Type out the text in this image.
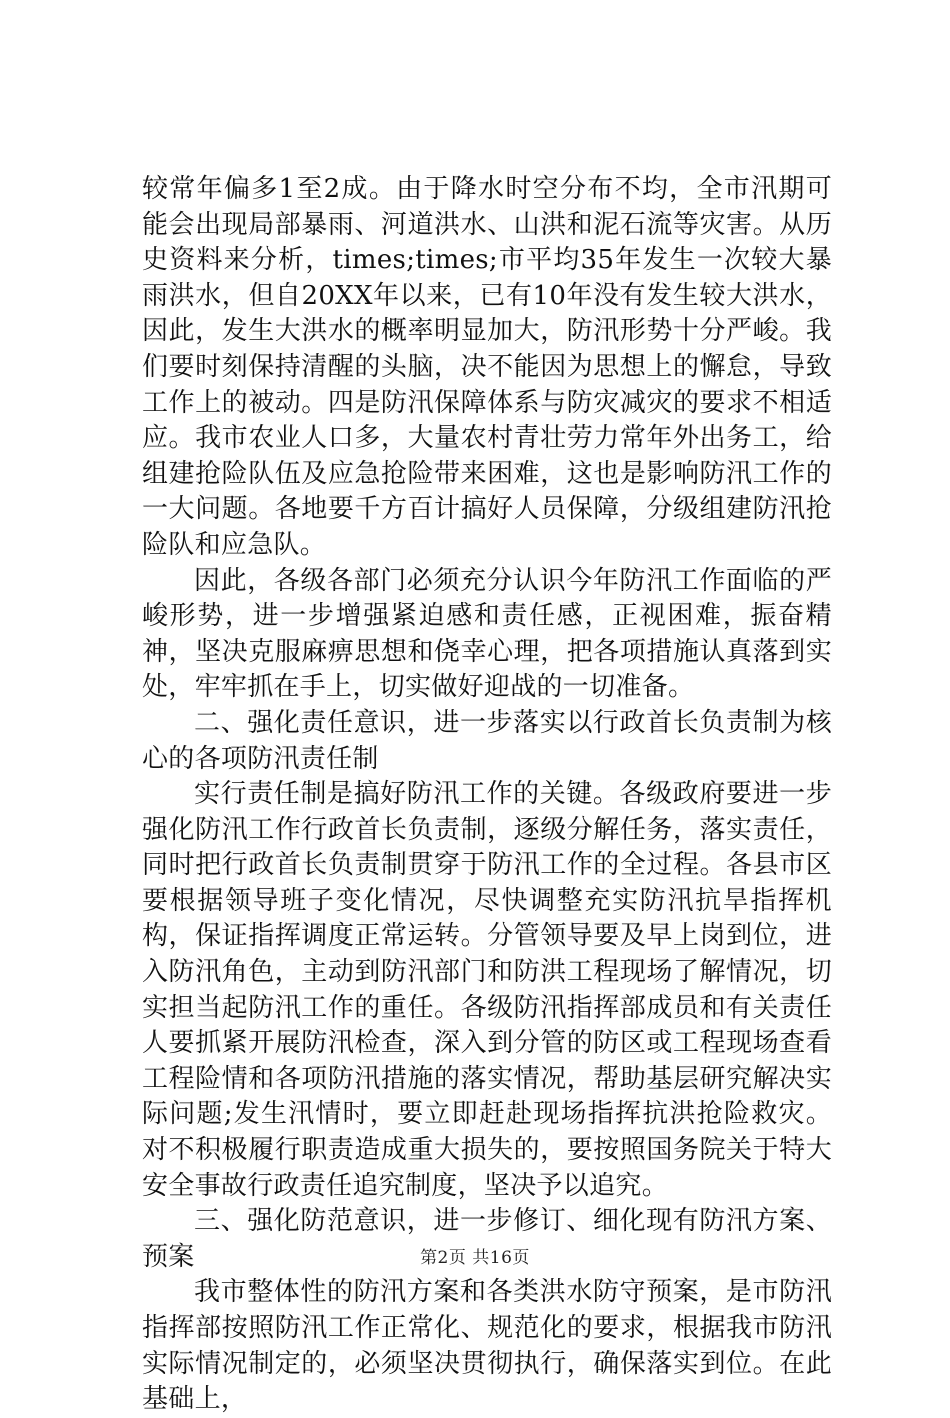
较常年偏多1至2成。由于降水时空分布不均，全市汛期可能会出现局部暴雨、河道洪水、山洪和泥石流等灾害。从历史资料来分析，times;times;市平均35年发生一次较大暴雨洪水，但自20XX年以来，已有10年没有发生较大洪水，因此，发生大洪水的概率明显加大，防汛形势十分严峻。我们要时刻保持清醒的头脑，决不能因为思想上的懈怠，导致工作上的被动。四是防汛保障体系与防灾减灾的要求不相适应。我市农业人口多，大量农村青壮劳力常年外出务工，给组建抢险队伍及应急抢险带来困难，这也是影响防汛工作的一大问题。各地要千方百计搞好人员保障，分级组建防汛抢险队和应急队。

因此，各级各部门必须充分认识今年防汛工作面临的严峻形势，进一步增强紧迫感和责任感，正视困难，振奋精神，坚决克服麻痹思想和侥幸心理，把各项措施认真落到实处，牢牢抓在手上，切实做好迎战的一切准备。

二、强化责任意识，进一步落实以行政首长负责制为核心的各项防汛责任制

实行责任制是搞好防汛工作的关键。各级政府要进一步强化防汛工作行政首长负责制，逐级分解任务，落实责任，同时把行政首长负责制贯穿于防汛工作的全过程。各县市区要根据领导班子变化情况，尽快调整充实防汛抗旱指挥机构，保证指挥调度正常运转。分管领导要及早上岗到位，进入防汛角色，主动到防汛部门和防洪工程现场了解情况，切实担当起防汛工作的重任。各级防汛指挥部成员和有关责任人要抓紧开展防汛检查，深入到分管的防区或工程现场查看工程险情和各项防汛措施的落实情况，帮助基层研究解决实际问题;发生汛情时，要立即赶赴现场指挥抗洪抢险救灾。对不积极履行职责造成重大损失的，要按照国务院关于特大安全事故行政责任追究制度，坚决予以追究。

三、强化防范意识，进一步修订、细化现有防汛方案、预案

我市整体性的防汛方案和各类洪水防守预案，是市防汛指挥部按照防汛工作正常化、规范化的要求，根据我市防汛实际情况制定的，必须坚决贯彻执行，确保落实到位。在此基础上，

第2页 共16页
